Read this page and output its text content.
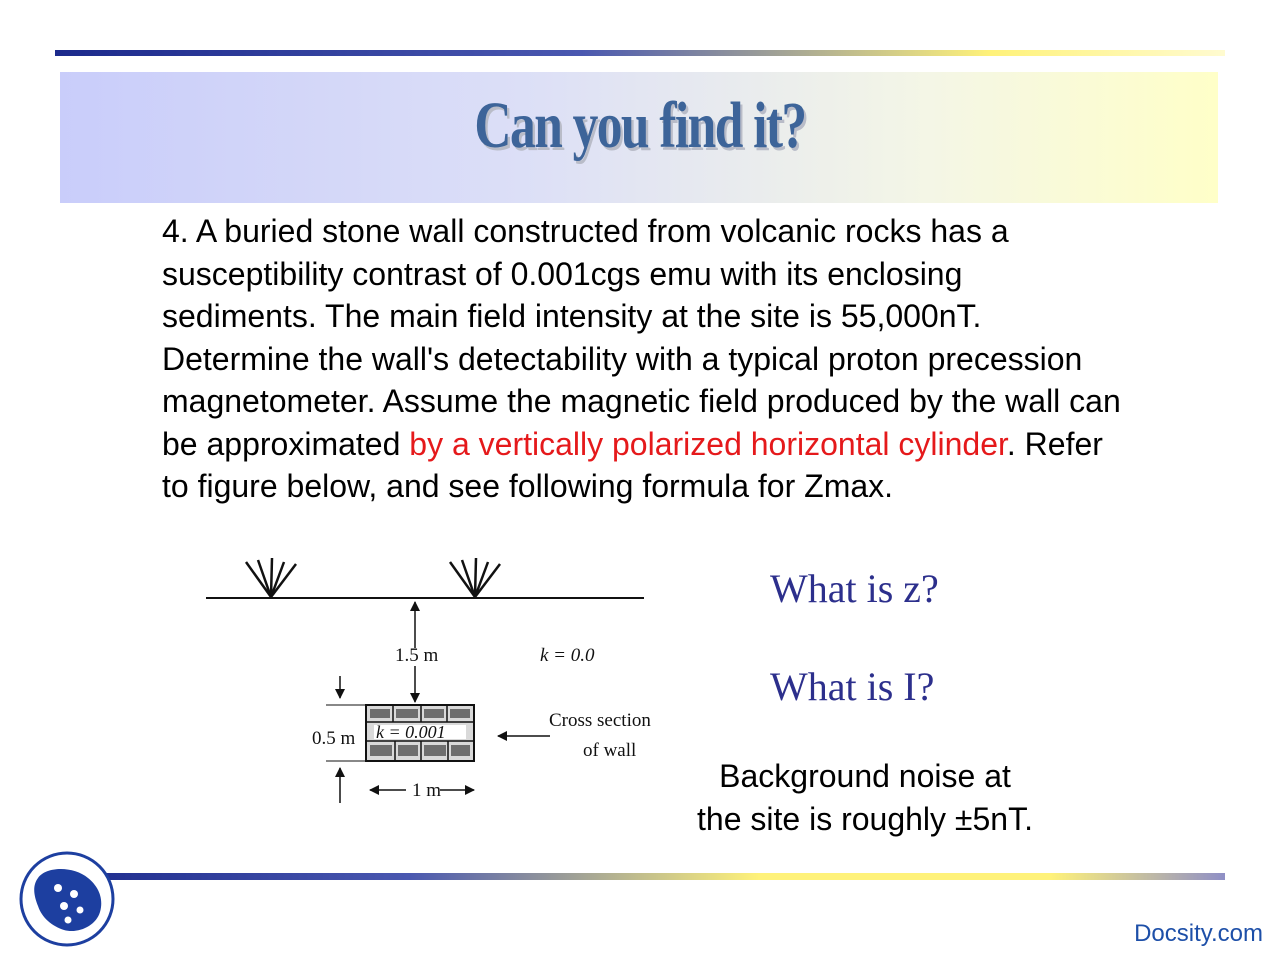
Can you find it?
4. A buried stone wall constructed from volcanic rocks has a susceptibility contrast of 0.001cgs emu with its enclosing sediments. The main field intensity at the site is 55,000nT. Determine the wall's detectability with a typical proton precession magnetometer. Assume the magnetic field produced by the wall can be approximated by a vertically polarized horizontal cylinder. Refer to figure below, and see following formula for Zmax.
1.5 m	k = 0.0
k = 0.001
0.5 m
1 m
Cross section
of wall
What is z?
What is I?
Background noise at
the site is roughly ±5nT.
Docsity.com
